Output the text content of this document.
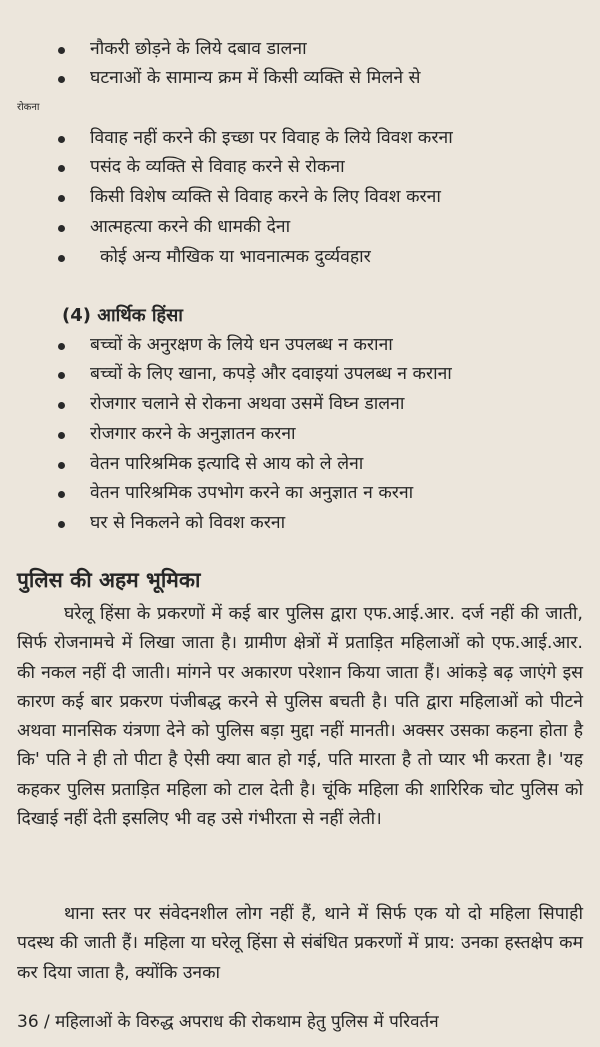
नौकरी छोड़ने के लिये दबाव डालना
घटनाओं के सामान्य क्रम में किसी व्यक्ति से मिलने से
रोकना
विवाह नहीं करने की इच्छा पर विवाह के लिये विवश करना
पसंद के व्यक्ति से विवाह करने से रोकना
किसी विशेष व्यक्ति से विवाह करने के लिए विवश करना
आत्महत्या करने की धामकी देना
कोई अन्य मौखिक या भावनात्मक दुर्व्यवहार
(4) आर्थिक हिंसा
बच्चों के अनुरक्षण के लिये धन उपलब्ध न कराना
बच्चों के लिए खाना, कपड़े और दवाइयां उपलब्ध न कराना
रोजगार चलाने से रोकना अथवा उसमें विघ्न डालना
रोजगार करने के अनुज्ञातन करना
वेतन पारिश्रमिक इत्यादि से आय को ले लेना
वेतन पारिश्रमिक उपभोग करने का अनुज्ञात न करना
घर से निकलने को विवश करना
पुलिस की अहम भूमिका
घरेलू हिंसा के प्रकरणों में कई बार पुलिस द्वारा एफ.आई.आर. दर्ज नहीं की जाती, सिर्फ रोजनामचे में लिखा जाता है। ग्रामीण क्षेत्रों में प्रताड़ित महिलाओं को एफ.आई.आर. की नकल नहीं दी जाती। मांगने पर अकारण परेशान किया जाता हैं। आंकड़े बढ़ जाएंगे इस कारण कई बार प्रकरण पंजीबद्ध करने से पुलिस बचती है। पति द्वारा महिलाओं को पीटने अथवा मानसिक यंत्रणा देने को पुलिस बड़ा मुद्दा नहीं मानती। अक्सर उसका कहना होता है कि' पति ने ही तो पीटा है ऐसी क्या बात हो गई, पति मारता है तो प्यार भी करता है। 'यह कहकर पुलिस प्रताड़ित महिला को टाल देती है। चूंकि महिला की शारिरिक चोट पुलिस को दिखाई नहीं देती इसलिए भी वह उसे गंभीरता से नहीं लेती।
थाना स्तर पर संवेदनशील लोग नहीं हैं, थाने में सिर्फ एक यो दो महिला सिपाही पदस्थ की जाती हैं। महिला या घरेलू हिंसा से संबंधित प्रकरणों में प्राय: उनका हस्तक्षेप कम कर दिया जाता है, क्योंकि उनका
36 / महिलाओं के विरुद्ध अपराध की रोकथाम हेतु पुलिस में परिवर्तन
